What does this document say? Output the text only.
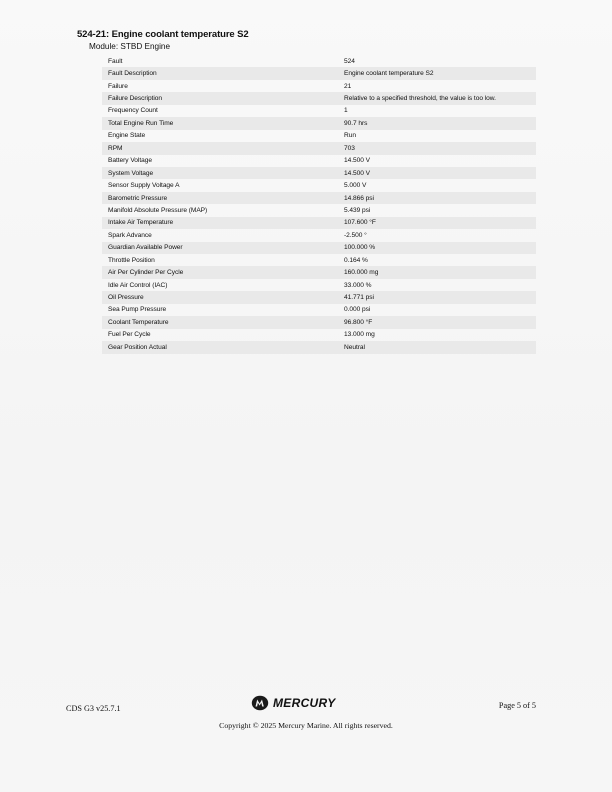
524-21: Engine coolant temperature S2
Module: STBD Engine
Fault	524
Fault Description	Engine coolant temperature S2
Failure	21
Failure Description	Relative to a specified threshold, the value is too low.
Frequency Count	1
Total Engine Run Time	90.7 hrs
Engine State	Run
RPM	703
Battery Voltage	14.500 V
System Voltage	14.500 V
Sensor Supply Voltage A	5.000 V
Barometric Pressure	14.866 psi
Manifold Absolute Pressure (MAP)	5.439 psi
Intake Air Temperature	107.600 °F
Spark Advance	-2.500 °
Guardian Available Power	100.000 %
Throttle Position	0.164 %
Air Per Cylinder Per Cycle	160.000 mg
Idle Air Control (IAC)	33.000 %
Oil Pressure	41.771 psi
Sea Pump Pressure	0.000 psi
Coolant Temperature	96.800 °F
Fuel Per Cycle	13.000 mg
Gear Position Actual	Neutral
CDS G3 v25.7.1	MERCURY	Page 5 of 5
Copyright © 2025 Mercury Marine. All rights reserved.
